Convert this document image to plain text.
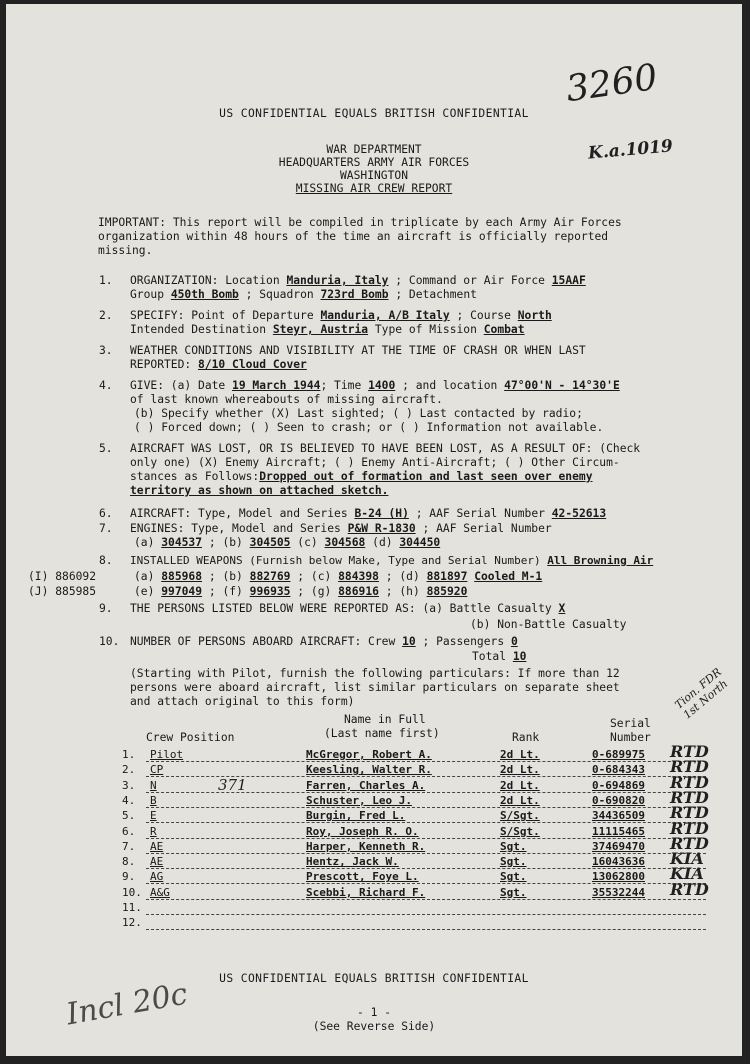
US CONFIDENTIAL EQUALS BRITISH CONFIDENTIAL
3260
K.a.1019
WAR DEPARTMENT
HEADQUARTERS ARMY AIR FORCES
WASHINGTON
MISSING AIR CREW REPORT
IMPORTANT: This report will be compiled in triplicate by each Army Air Forces
organization within 48 hours of the time an aircraft is officially reported
missing.
1. ORGANIZATION: Location Manduria, Italy ; Command or Air Force 15AAF
Group 450th Bomb ; Squadron 723rd Bomb ; Detachment
2. SPECIFY: Point of Departure Manduria, A/B Italy ; Course North
Intended Destination Steyr, Austria Type of Mission Combat
3. WEATHER CONDITIONS AND VISIBILITY AT THE TIME OF CRASH OR WHEN LAST
REPORTED: 8/10 Cloud Cover
4. GIVE: (a) Date 19 March 1944; Time 1400 ; and location 47°00'N - 14°30'E
of last known whereabouts of missing aircraft.
(b) Specify whether (X) Last sighted; ( ) Last contacted by radio;
( ) Forced down; ( ) Seen to crash; or ( ) Information not available.
5. AIRCRAFT WAS LOST, OR IS BELIEVED TO HAVE BEEN LOST, AS A RESULT OF: (Check
only one) (X) Enemy Aircraft; ( ) Enemy Anti-Aircraft; ( ) Other Circum-
stances as Follows:Dropped out of formation and last seen over enemy
territory as shown on attached sketch.
6. AIRCRAFT: Type, Model and Series B-24 (H) ; AAF Serial Number 42-52613
7. ENGINES: Type, Model and Series P&W R-1830 ; AAF Serial Number
(a) 304537 ; (b) 304505 (c) 304568 (d) 304450
8. INSTALLED WEAPONS (Furnish below Make, Type and Serial Number) All Browning Air
(I) 886092	(a) 885968 ; (b) 882769 ; (c) 884398 ; (d) 881897 Cooled M-1
(J) 885985	(e) 997049 ; (f) 996935 ; (g) 886916 ; (h) 885920
9. THE PERSONS LISTED BELOW WERE REPORTED AS: (a) Battle Casualty X
(b) Non-Battle Casualty
10. NUMBER OF PERSONS ABOARD AIRCRAFT: Crew 10 ; Passengers 0
Total 10
(Starting with Pilot, furnish the following particulars: If more than 12
persons were aboard aircraft, list similar particulars on separate sheet
and attach original to this form)	Tion. FDR 1st North
Name in Full
(Last name first)
Crew Position	Rank
Serial
Number
1. Pilot	McGregor, Robert A.	2d Lt.	0-689975 RTD
2. CP	Keesling, Walter R.	2d Lt.	0-684343 RTD
3. N	Farren, Charles A.	2d Lt.	0-694869 RTD
4. B	Schuster, Leo J.	2d Lt.	0-690820 RTD
5. E	Burgin, Fred L.	S/Sgt.	34436509 RTD
6. R	Roy, Joseph R. O.	S/Sgt.	11115465 RTD
7. AE	Harper, Kenneth R.	Sgt.	37469470 RTD
8. AE	Hentz, Jack W.	Sgt.	16043636 KIA
9. AG	Prescott, Foye L.	Sgt.	13062800 KIA
10. A&G	Scebbi, Richard F.	Sgt.	35532244 RTD
11.
12.
371
US CONFIDENTIAL EQUALS BRITISH CONFIDENTIAL
- 1 -
(See Reverse Side)
Incl 20c
